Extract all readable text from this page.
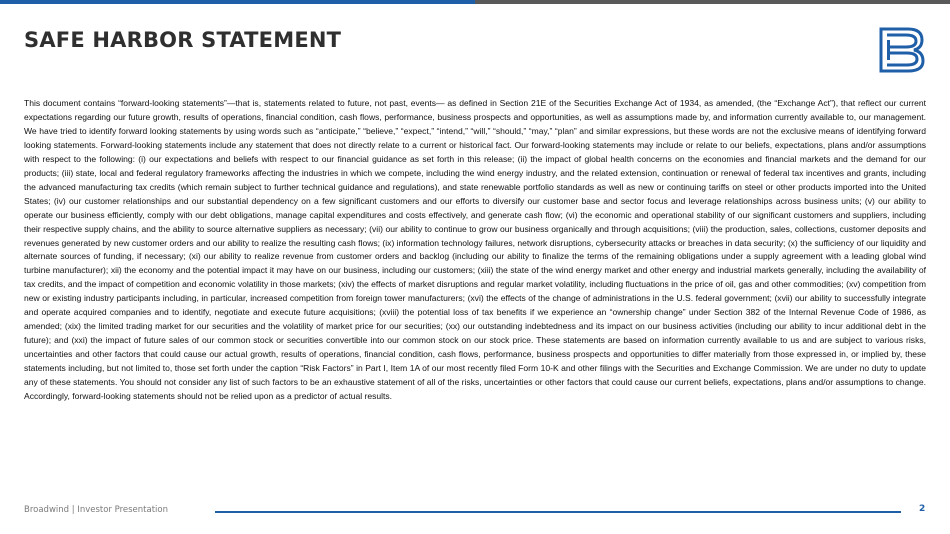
SAFE HARBOR STATEMENT

This document contains “forward-looking statements”—that is, statements related to future, not past, events— as defined in Section 21E of the Securities Exchange Act of 1934, as amended, (the “Exchange Act”), that reflect our current expectations regarding our future growth, results of operations, financial condition, cash flows, performance, business prospects and opportunities, as well as assumptions made by, and information currently available to, our management. We have tried to identify forward looking statements by using words such as “anticipate,” “believe,” “expect,” “intend,” “will,” “should,” “may,” “plan” and similar expressions, but these words are not the exclusive means of identifying forward looking statements. Forward-looking statements include any statement that does not directly relate to a current or historical fact. Our forward-looking statements may include or relate to our beliefs, expectations, plans and/or assumptions with respect to the following: (i) our expectations and beliefs with respect to our financial guidance as set forth in this release; (ii) the impact of global health concerns on the economies and financial markets and the demand for our products; (iii) state, local and federal regulatory frameworks affecting the industries in which we compete, including the wind energy industry, and the related extension, continuation or renewal of federal tax incentives and grants, including the advanced manufacturing tax credits (which remain subject to further technical guidance and regulations), and state renewable portfolio standards as well as new or continuing tariffs on steel or other products imported into the United States; (iv) our customer relationships and our substantial dependency on a few significant customers and our efforts to diversify our customer base and sector focus and leverage relationships across business units; (v) our ability to operate our business efficiently, comply with our debt obligations, manage capital expenditures and costs effectively, and generate cash flow; (vi) the economic and operational stability of our significant customers and suppliers, including their respective supply chains, and the ability to source alternative suppliers as necessary; (vii) our ability to continue to grow our business organically and through acquisitions; (viii) the production, sales, collections, customer deposits and revenues generated by new customer orders and our ability to realize the resulting cash flows; (ix) information technology failures, network disruptions, cybersecurity attacks or breaches in data security; (x) the sufficiency of our liquidity and alternate sources of funding, if necessary; (xi) our ability to realize revenue from customer orders and backlog (including our ability to finalize the terms of the remaining obligations under a supply agreement with a leading global wind turbine manufacturer); xii) the economy and the potential impact it may have on our business, including our customers; (xiii) the state of the wind energy market and other energy and industrial markets generally, including the availability of tax credits, and the impact of competition and economic volatility in those markets; (xiv) the effects of market disruptions and regular market volatility, including fluctuations in the price of oil, gas and other commodities; (xv) competition from new or existing industry participants including, in particular, increased competition from foreign tower manufacturers; (xvi) the effects of the change of administrations in the U.S. federal government; (xvii) our ability to successfully integrate and operate acquired companies and to identify, negotiate and execute future acquisitions; (xviii) the potential loss of tax benefits if we experience an “ownership change” under Section 382 of the Internal Revenue Code of 1986, as amended; (xix) the limited trading market for our securities and the volatility of market price for our securities; (xx) our outstanding indebtedness and its impact on our business activities (including our ability to incur additional debt in the future); and (xxi) the impact of future sales of our common stock or securities convertible into our common stock on our stock price. These statements are based on information currently available to us and are subject to various risks, uncertainties and other factors that could cause our actual growth, results of operations, financial condition, cash flows, performance, business prospects and opportunities to differ materially from those expressed in, or implied by, these statements including, but not limited to, those set forth under the caption “Risk Factors” in Part I, Item 1A of our most recently filed Form 10-K and other filings with the Securities and Exchange Commission. We are under no duty to update any of these statements. You should not consider any list of such factors to be an exhaustive statement of all of the risks, uncertainties or other factors that could cause our current beliefs, expectations, plans and/or assumptions to change. Accordingly, forward-looking statements should not be relied upon as a predictor of actual results.

Broadwind | Investor Presentation	2
